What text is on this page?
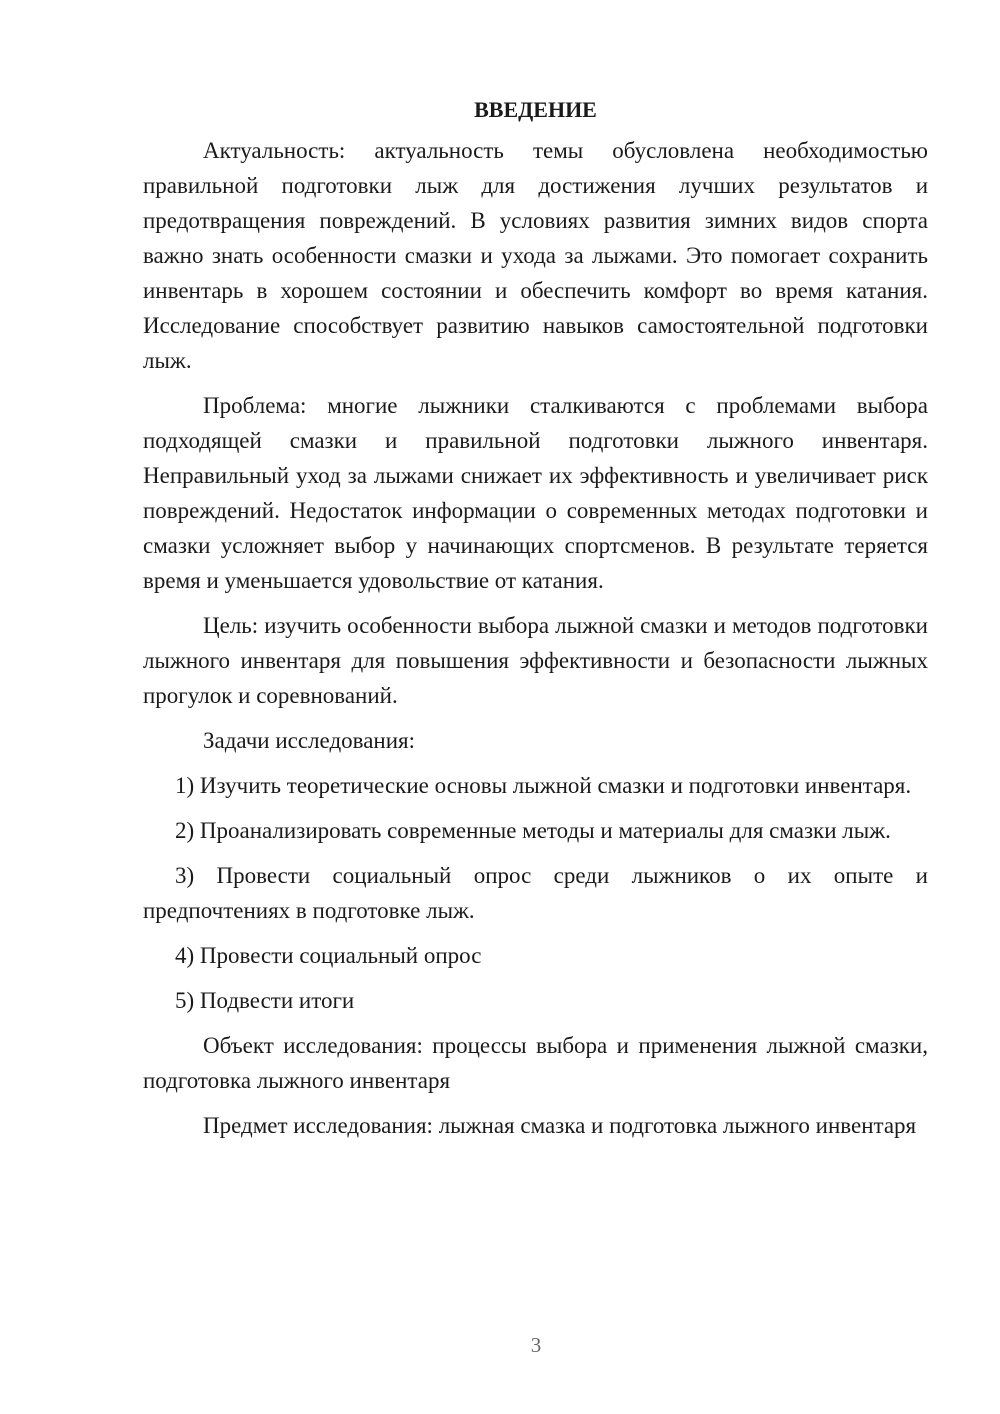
ВВЕДЕНИЕ

Актуальность: актуальность темы обусловлена необходимостью правильной подготовки лыж для достижения лучших результатов и предотвращения повреждений. В условиях развития зимних видов спорта важно знать особенности смазки и ухода за лыжами. Это помогает сохранить инвентарь в хорошем состоянии и обеспечить комфорт во время катания. Исследование способствует развитию навыков самостоятельной подготовки лыж.

Проблема: многие лыжники сталкиваются с проблемами выбора подходящей смазки и правильной подготовки лыжного инвентаря. Неправильный уход за лыжами снижает их эффективность и увеличивает риск повреждений. Недостаток информации о современных методах подготовки и смазки усложняет выбор у начинающих спортсменов. В результате теряется время и уменьшается удовольствие от катания.

Цель: изучить особенности выбора лыжной смазки и методов подготовки лыжного инвентаря для повышения эффективности и безопасности лыжных прогулок и соревнований.

Задачи исследования:

1) Изучить теоретические основы лыжной смазки и подготовки инвентаря.

2) Проанализировать современные методы и материалы для смазки лыж.

3) Провести социальный опрос среди лыжников о их опыте и предпочтениях в подготовке лыж.

4) Провести социальный опрос

5) Подвести итоги

Объект исследования: процессы выбора и применения лыжной смазки, подготовка лыжного инвентаря

Предмет исследования: лыжная смазка и подготовка лыжного инвентаря

3
